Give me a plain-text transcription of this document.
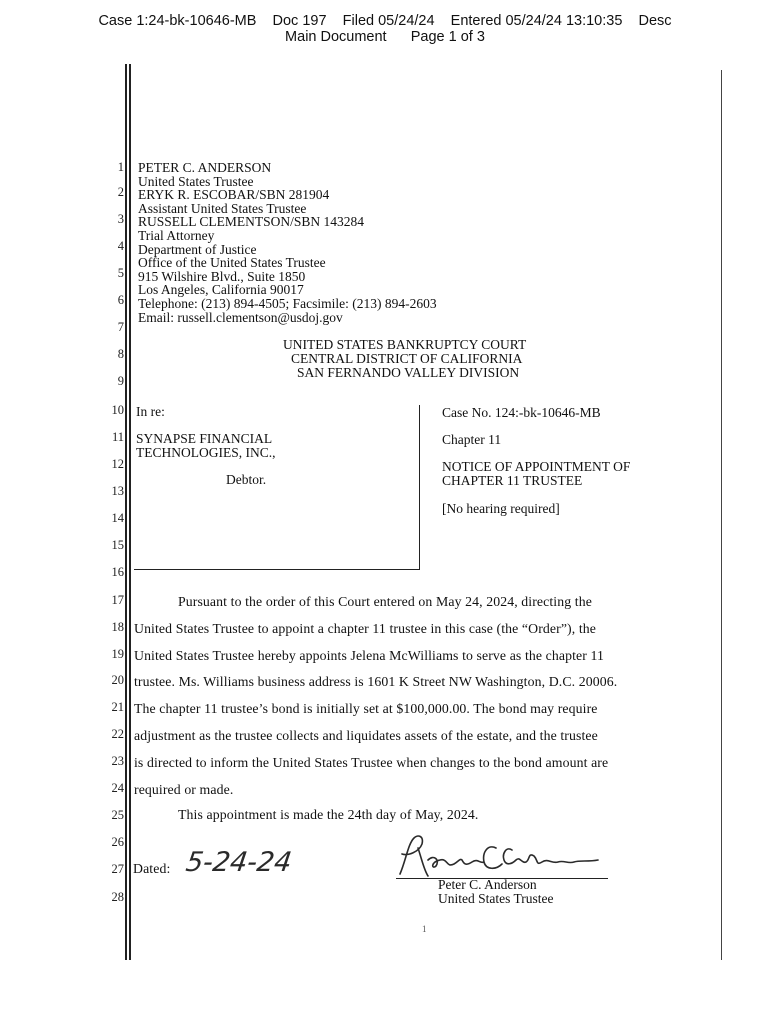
Case 1:24-bk-10646-MB    Doc 197    Filed 05/24/24    Entered 05/24/24 13:10:35    Desc
Main Document      Page 1 of 3
1
2
3
4
5
6
7
8
9
10
11
12
13
14
15
16
17
18
19
20
21
22
23
24
25
26
27
28
PETER C. ANDERSON
United States Trustee
ERYK R. ESCOBAR/SBN 281904
Assistant United States Trustee
RUSSELL CLEMENTSON/SBN 143284
Trial Attorney
Department of Justice
Office of the United States Trustee
915 Wilshire Blvd., Suite 1850
Los Angeles, California 90017
Telephone: (213) 894-4505; Facsimile: (213) 894-2603
Email: russell.clementson@usdoj.gov
UNITED STATES BANKRUPTCY COURT
CENTRAL DISTRICT OF CALIFORNIA
SAN FERNANDO VALLEY DIVISION
In re:
SYNAPSE FINANCIAL
TECHNOLOGIES, INC.,
Debtor.
Case No. 124:-bk-10646-MB
Chapter 11
NOTICE OF APPOINTMENT OF
CHAPTER 11 TRUSTEE
[No hearing required]
Pursuant to the order of this Court entered on May 24, 2024, directing the
United States Trustee to appoint a chapter 11 trustee in this case (the “Order”), the
United States Trustee hereby appoints Jelena McWilliams to serve as the chapter 11
trustee. Ms. Williams business address is 1601 K Street NW Washington, D.C. 20006.
The chapter 11 trustee’s bond is initially set at $100,000.00. The bond may require
adjustment as the trustee collects and liquidates assets of the estate, and the trustee
is directed to inform the United States Trustee when changes to the bond amount are
required or made.
This appointment is made the 24th day of May, 2024.
Dated: 5-24-24
Peter C. Anderson
United States Trustee
1
